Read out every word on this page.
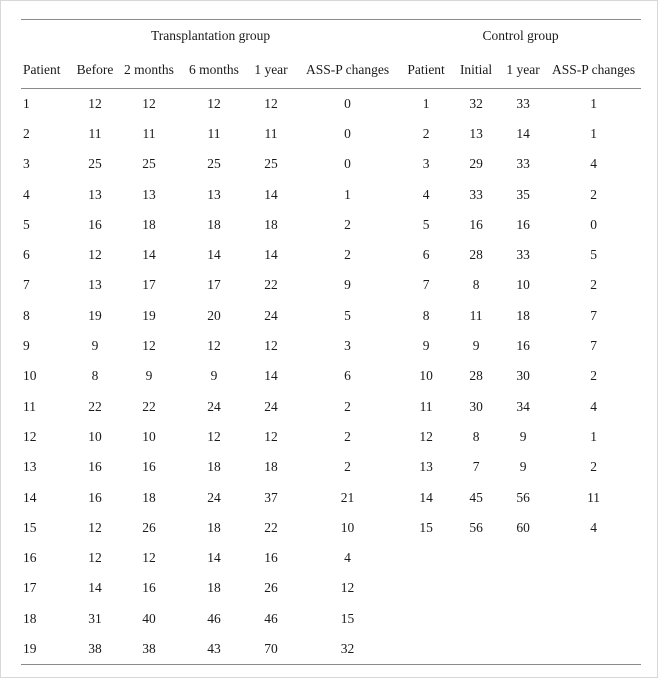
Transplantation group						Control group			
Patient	Before	2 months	6 months	1 year	ASS-P changes	Patient	Initial	1 year	ASS-P changes
1	12	12	12	12	0	1	32	33	1
2	11	11	11	11	0	2	13	14	1
3	25	25	25	25	0	3	29	33	4
4	13	13	13	14	1	4	33	35	2
5	16	18	18	18	2	5	16	16	0
6	12	14	14	14	2	6	28	33	5
7	13	17	17	22	9	7	8	10	2
8	19	19	20	24	5	8	11	18	7
9	9	12	12	12	3	9	9	16	7
10	8	9	9	14	6	10	28	30	2
11	22	22	24	24	2	11	30	34	4
12	10	10	12	12	2	12	8	9	1
13	16	16	18	18	2	13	7	9	2
14	16	18	24	37	21	14	45	56	11
15	12	26	18	22	10	15	56	60	4
16	12	12	14	16	4				
17	14	16	18	26	12				
18	31	40	46	46	15				
19	38	38	43	70	32				
